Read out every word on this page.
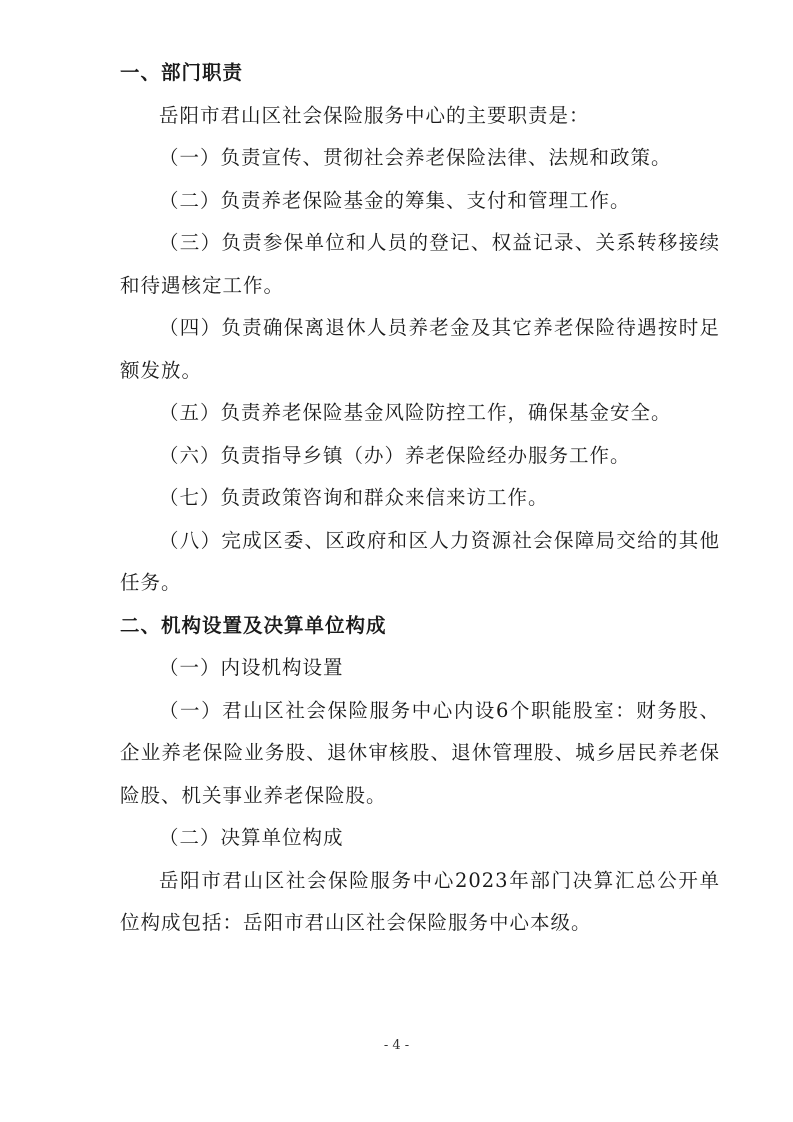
一、部门职责

岳阳市君山区社会保险服务中心的主要职责是：

（一）负责宣传、贯彻社会养老保险法律、法规和政策。

（二）负责养老保险基金的筹集、支付和管理工作。

（三）负责参保单位和人员的登记、权益记录、关系转移接续和待遇核定工作。

（四）负责确保离退休人员养老金及其它养老保险待遇按时足额发放。

（五）负责养老保险基金风险防控工作，确保基金安全。

（六）负责指导乡镇（办）养老保险经办服务工作。

（七）负责政策咨询和群众来信来访工作。

（八）完成区委、区政府和区人力资源社会保障局交给的其他任务。

二、机构设置及决算单位构成

（一）内设机构设置

（一）君山区社会保险服务中心内设6个职能股室：财务股、企业养老保险业务股、退休审核股、退休管理股、城乡居民养老保险股、机关事业养老保险股。

（二）决算单位构成

岳阳市君山区社会保险服务中心2023年部门决算汇总公开单位构成包括：岳阳市君山区社会保险服务中心本级。

- 4 -
